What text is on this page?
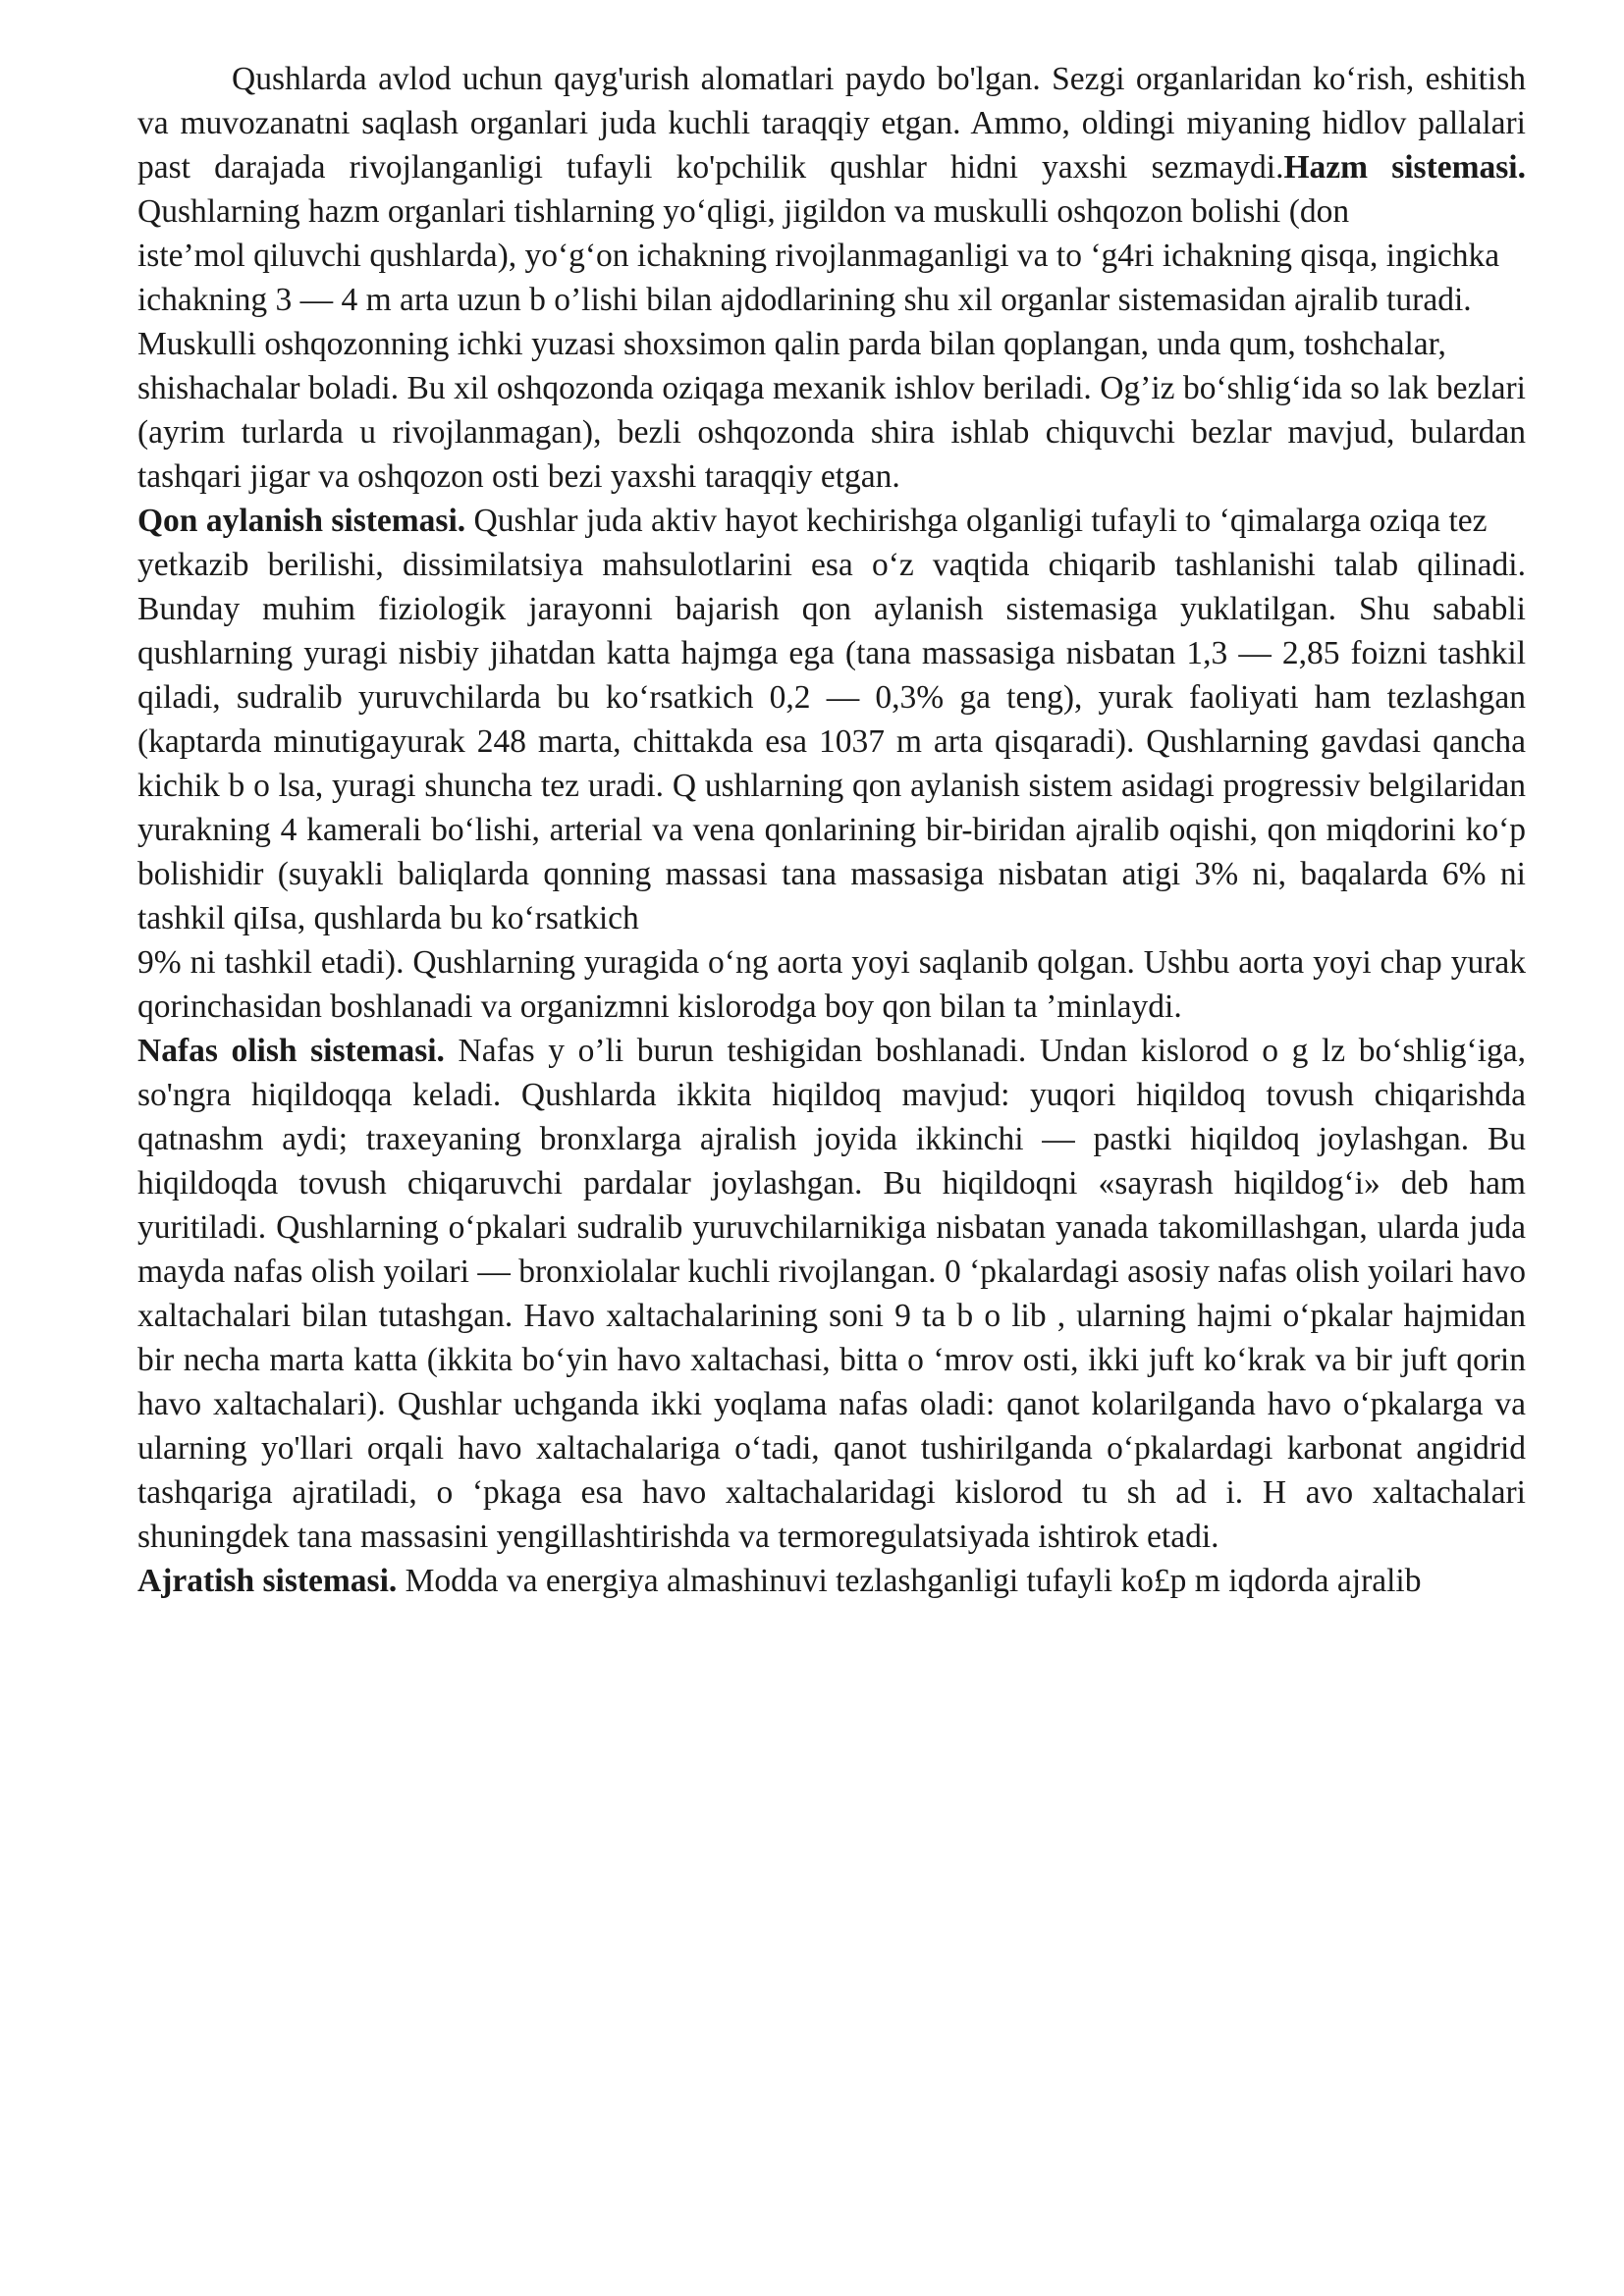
Qushlarda avlod uchun qayg'urish alomatlari paydo bo'lgan. Sezgi organlaridan ko‘rish, eshitish va muvozanatni saqlash organlari juda kuchli taraqqiy etgan. Ammo, oldingi miyaning hidlov pallalari past darajada rivojlanganligi tufayli ko'pchilik qushlar hidni yaxshi sezmaydi.Hazm sistemasi. Qushlarning hazm organlari tishlarning yo‘qligi, jigildon va muskulli oshqozon bolishi (don

iste’mol qiluvchi qushlarda), yo‘g‘on ichakning rivojlanmaganligi va to ‘g4ri ichakning qisqa, ingichka

ichakning 3 — 4 m arta uzun b o’lishi bilan ajdodlarining shu xil organlar sistemasidan ajralib turadi.

Muskulli oshqozonning ichki yuzasi shoxsimon qalin parda bilan qoplangan, unda qum, toshchalar,

shishachalar boladi. Bu xil oshqozonda oziqaga mexanik ishlov beriladi. Og’iz bo‘shlig‘ida so lak bezlari (ayrim turlarda u rivojlanmagan), bezli oshqozonda shira ishlab chiquvchi bezlar mavjud, bulardan tashqari jigar va oshqozon osti bezi yaxshi taraqqiy etgan.

Qon aylanish sistemasi. Qushlar juda aktiv hayot kechirishga olganligi tufayli to ‘qimalarga oziqa tez

yetkazib berilishi, dissimilatsiya mahsulotlarini esa o‘z vaqtida chiqarib tashlanishi talab qilinadi. Bunday muhim fiziologik jarayonni bajarish qon aylanish sistemasiga yuklatilgan. Shu sababli qushlarning yuragi nisbiy jihatdan katta hajmga ega (tana massasiga nisbatan 1,3 — 2,85 foizni tashkil qiladi, sudralib yuruvchilarda bu ko‘rsatkich 0,2 — 0,3% ga teng), yurak faoliyati ham tezlashgan (kaptarda minutigayurak 248 marta, chittakda esa 1037 m arta qisqaradi). Qushlarning gavdasi qancha kichik b o lsa, yuragi shuncha tez uradi. Q ushlarning qon aylanish sistem asidagi progressiv belgilaridan yurakning 4 kamerali bo‘lishi, arterial va vena qonlarining bir-biridan ajralib oqishi, qon miqdorini ko‘p bolishidir (suyakli baliqlarda qonning massasi tana massasiga nisbatan atigi 3% ni, baqalarda 6% ni tashkil qiIsa, qushlarda bu ko‘rsatkich

9% ni tashkil etadi). Qushlarning yuragida o‘ng aorta yoyi saqlanib qolgan. Ushbu aorta yoyi chap yurak qorinchasidan boshlanadi va organizmni kislorodga boy qon bilan ta ’minlaydi.

Nafas olish sistemasi. Nafas y o’li burun teshigidan boshlanadi. Undan kislorod o g lz bo‘shlig‘iga, so'ngra hiqildoqqa keladi. Qushlarda ikkita hiqildoq mavjud: yuqori hiqildoq tovush chiqarishda qatnashm aydi; traxeyaning bronxlarga ajralish joyida ikkinchi — pastki hiqildoq joylashgan. Bu hiqildoqda tovush chiqaruvchi pardalar joylashgan. Bu hiqildoqni «sayrash hiqildog‘i» deb ham yuritiladi. Qushlarning o‘pkalari sudralib yuruvchilarnikiga nisbatan yanada takomillashgan, ularda juda mayda nafas olish yoilari — bronxiolalar kuchli rivojlangan. 0 ‘pkalardagi asosiy nafas olish yoilari havo xaltachalari bilan tutashgan. Havo xaltachalarining soni 9 ta b o lib , ularning hajmi o‘pkalar hajmidan bir necha marta katta (ikkita bo‘yin havo xaltachasi, bitta o ‘mrov osti, ikki juft ko‘krak va bir juft qorin havo xaltachalari). Qushlar uchganda ikki yoqlama nafas oladi: qanot kolarilganda havo o‘pkalarga va ularning yo'llari orqali havo xaltachalariga o‘tadi, qanot tushirilganda o‘pkalardagi karbonat angidrid tashqariga ajratiladi, o ‘pkaga esa havo xaltachalaridagi kislorod tu sh ad i. H avo xaltachalari shuningdek tana massasini yengillashtirishda va termoregulatsiyada ishtirok etadi.

Ajratish sistemasi. Modda va energiya almashinuvi tezlashganligi tufayli ko£p m iqdorda ajralib
